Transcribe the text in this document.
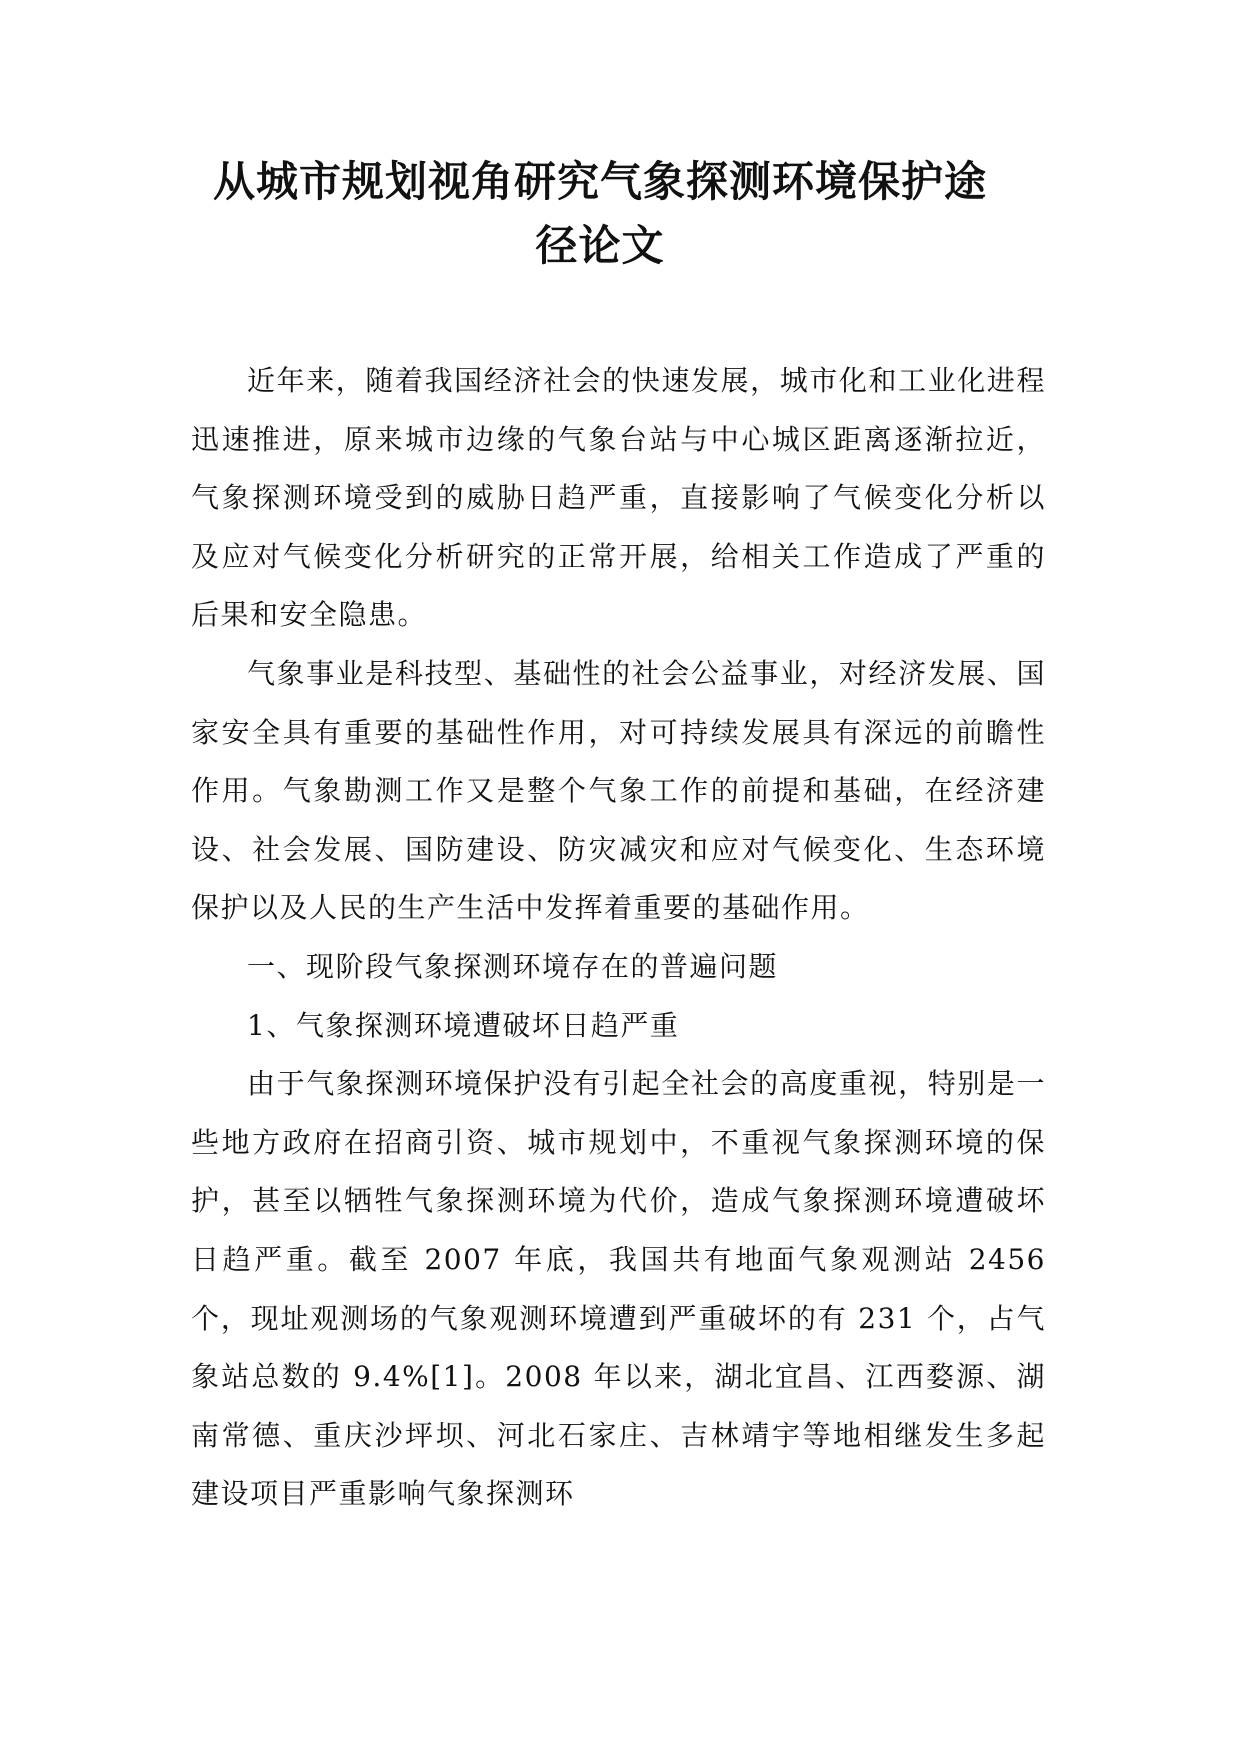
从城市规划视角研究气象探测环境保护途
径论文

近年来，随着我国经济社会的快速发展，城市化和工业化进程迅速推进，原来城市边缘的气象台站与中心城区距离逐渐拉近，气象探测环境受到的威胁日趋严重，直接影响了气候变化分析以及应对气候变化分析研究的正常开展，给相关工作造成了严重的后果和安全隐患。

气象事业是科技型、基础性的社会公益事业，对经济发展、国家安全具有重要的基础性作用，对可持续发展具有深远的前瞻性作用。气象勘测工作又是整个气象工作的前提和基础，在经济建设、社会发展、国防建设、防灾减灾和应对气候变化、生态环境保护以及人民的生产生活中发挥着重要的基础作用。

一、现阶段气象探测环境存在的普遍问题

1、气象探测环境遭破坏日趋严重

由于气象探测环境保护没有引起全社会的高度重视，特别是一些地方政府在招商引资、城市规划中，不重视气象探测环境的保护，甚至以牺牲气象探测环境为代价，造成气象探测环境遭破坏日趋严重。截至 2007 年底，我国共有地面气象观测站 2456 个，现址观测场的气象观测环境遭到严重破坏的有 231 个，占气象站总数的 9.4%[1]。2008 年以来，湖北宜昌、江西婺源、湖南常德、重庆沙坪坝、河北石家庄、吉林靖宇等地相继发生多起建设项目严重影响气象探测环
